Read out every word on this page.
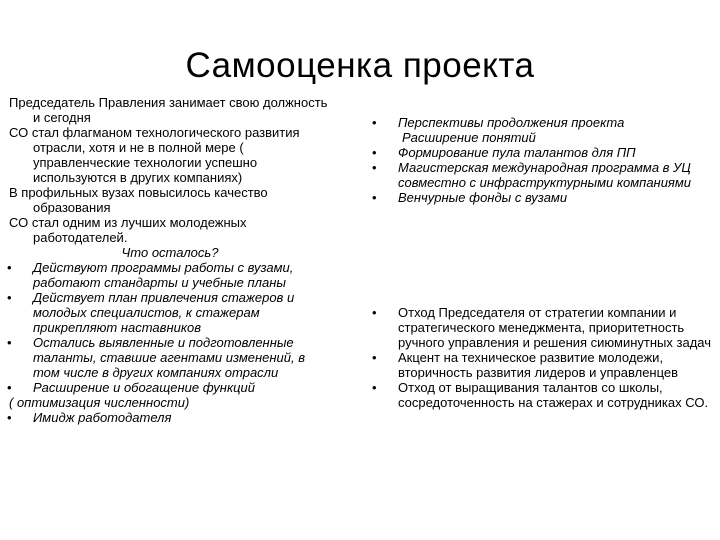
Самооценка проекта

Председатель Правления занимает свою должность и сегодня

СО стал флагманом технологического развития отрасли, хотя и не в полной мере ( управленческие технологии успешно используются в других компаниях)

В профильных вузах повысилось качество образования

СО стал одним из лучших молодежных работодателей.

Что осталось?

• Действуют программы работы с вузами, работают стандарты и учебные планы
• Действует план привлечения стажеров и молодых специалистов, к стажерам прикрепляют наставников
• Остались выявленные и подготовленные таланты, ставшие агентами изменений, в том числе в других компаниях отрасли
• Расширение и обогащение функций

( оптимизация численности)

• Имидж работодателя
• Перспективы продолжения проекта

Расширение понятий

• Формирование пула талантов для ПП
• Магистерская международная программа в УЦ совместно с инфраструктурными компаниями
• Венчурные фонды с вузами
• Отход Председателя от стратегии компании и стратегического менеджмента, приоритетность ручного управления и решения сиюминутных задач
• Акцент на техническое развитие молодежи, вторичность развития лидеров и управленцев
• Отход от выращивания талантов со школы, сосредоточенность на стажерах и сотрудниках СО.
